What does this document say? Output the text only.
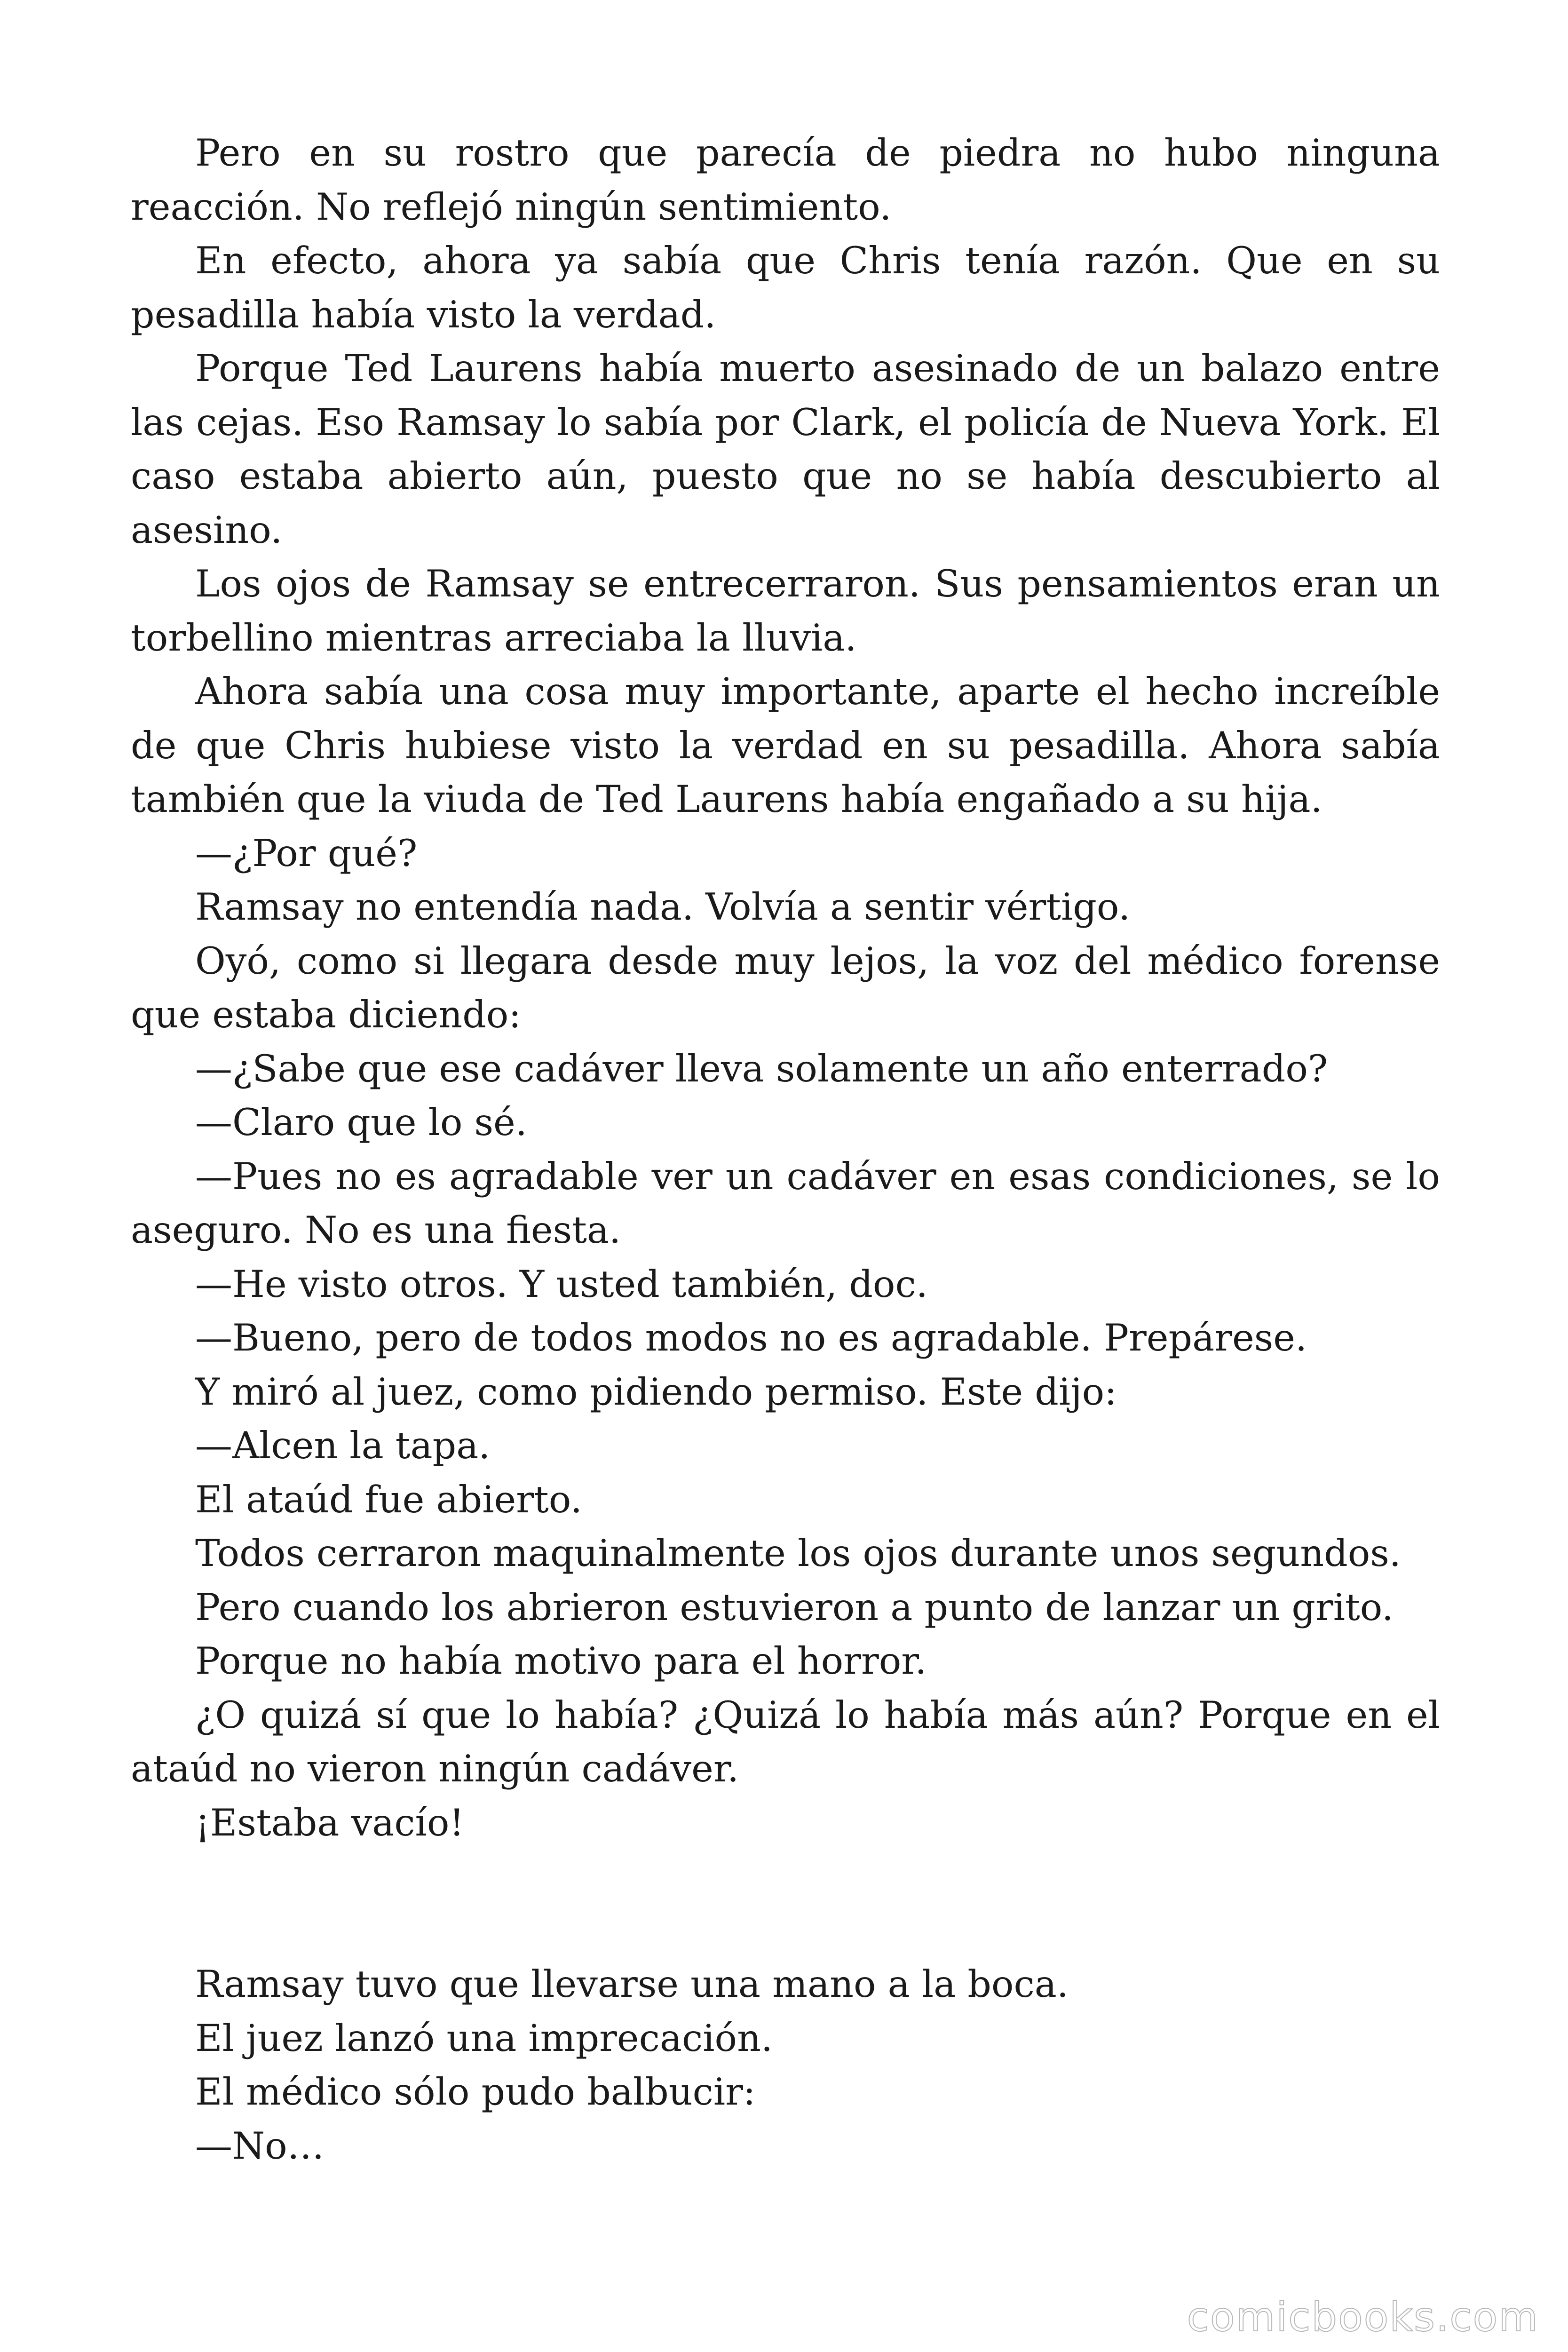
Pero en su rostro que parecía de piedra no hubo ninguna reacción. No reflejó ningún sentimiento.

En efecto, ahora ya sabía que Chris tenía razón. Que en su pesadilla había visto la verdad.

Porque Ted Laurens había muerto asesinado de un balazo entre las cejas. Eso Ramsay lo sabía por Clark, el policía de Nueva York. El caso estaba abierto aún, puesto que no se había descubierto al asesino.

Los ojos de Ramsay se entrecerraron. Sus pensamientos eran un torbellino mientras arreciaba la lluvia.

Ahora sabía una cosa muy importante, aparte el hecho increíble de que Chris hubiese visto la verdad en su pesadilla. Ahora sabía también que la viuda de Ted Laurens había engañado a su hija.

—¿Por qué?

Ramsay no entendía nada. Volvía a sentir vértigo.

Oyó, como si llegara desde muy lejos, la voz del médico forense que estaba diciendo:

—¿Sabe que ese cadáver lleva solamente un año enterrado?

—Claro que lo sé.

—Pues no es agradable ver un cadáver en esas condiciones, se lo aseguro. No es una fiesta.

—He visto otros. Y usted también, doc.

—Bueno, pero de todos modos no es agradable. Prepárese.

Y miró al juez, como pidiendo permiso. Este dijo:

—Alcen la tapa.

El ataúd fue abierto.

Todos cerraron maquinalmente los ojos durante unos segundos.

Pero cuando los abrieron estuvieron a punto de lanzar un grito.

Porque no había motivo para el horror.

¿O quizá sí que lo había? ¿Quizá lo había más aún? Porque en el ataúd no vieron ningún cadáver.

¡Estaba vacío!

Ramsay tuvo que llevarse una mano a la boca.

El juez lanzó una imprecación.

El médico sólo pudo balbucir:

—No…

comicbooks.com
